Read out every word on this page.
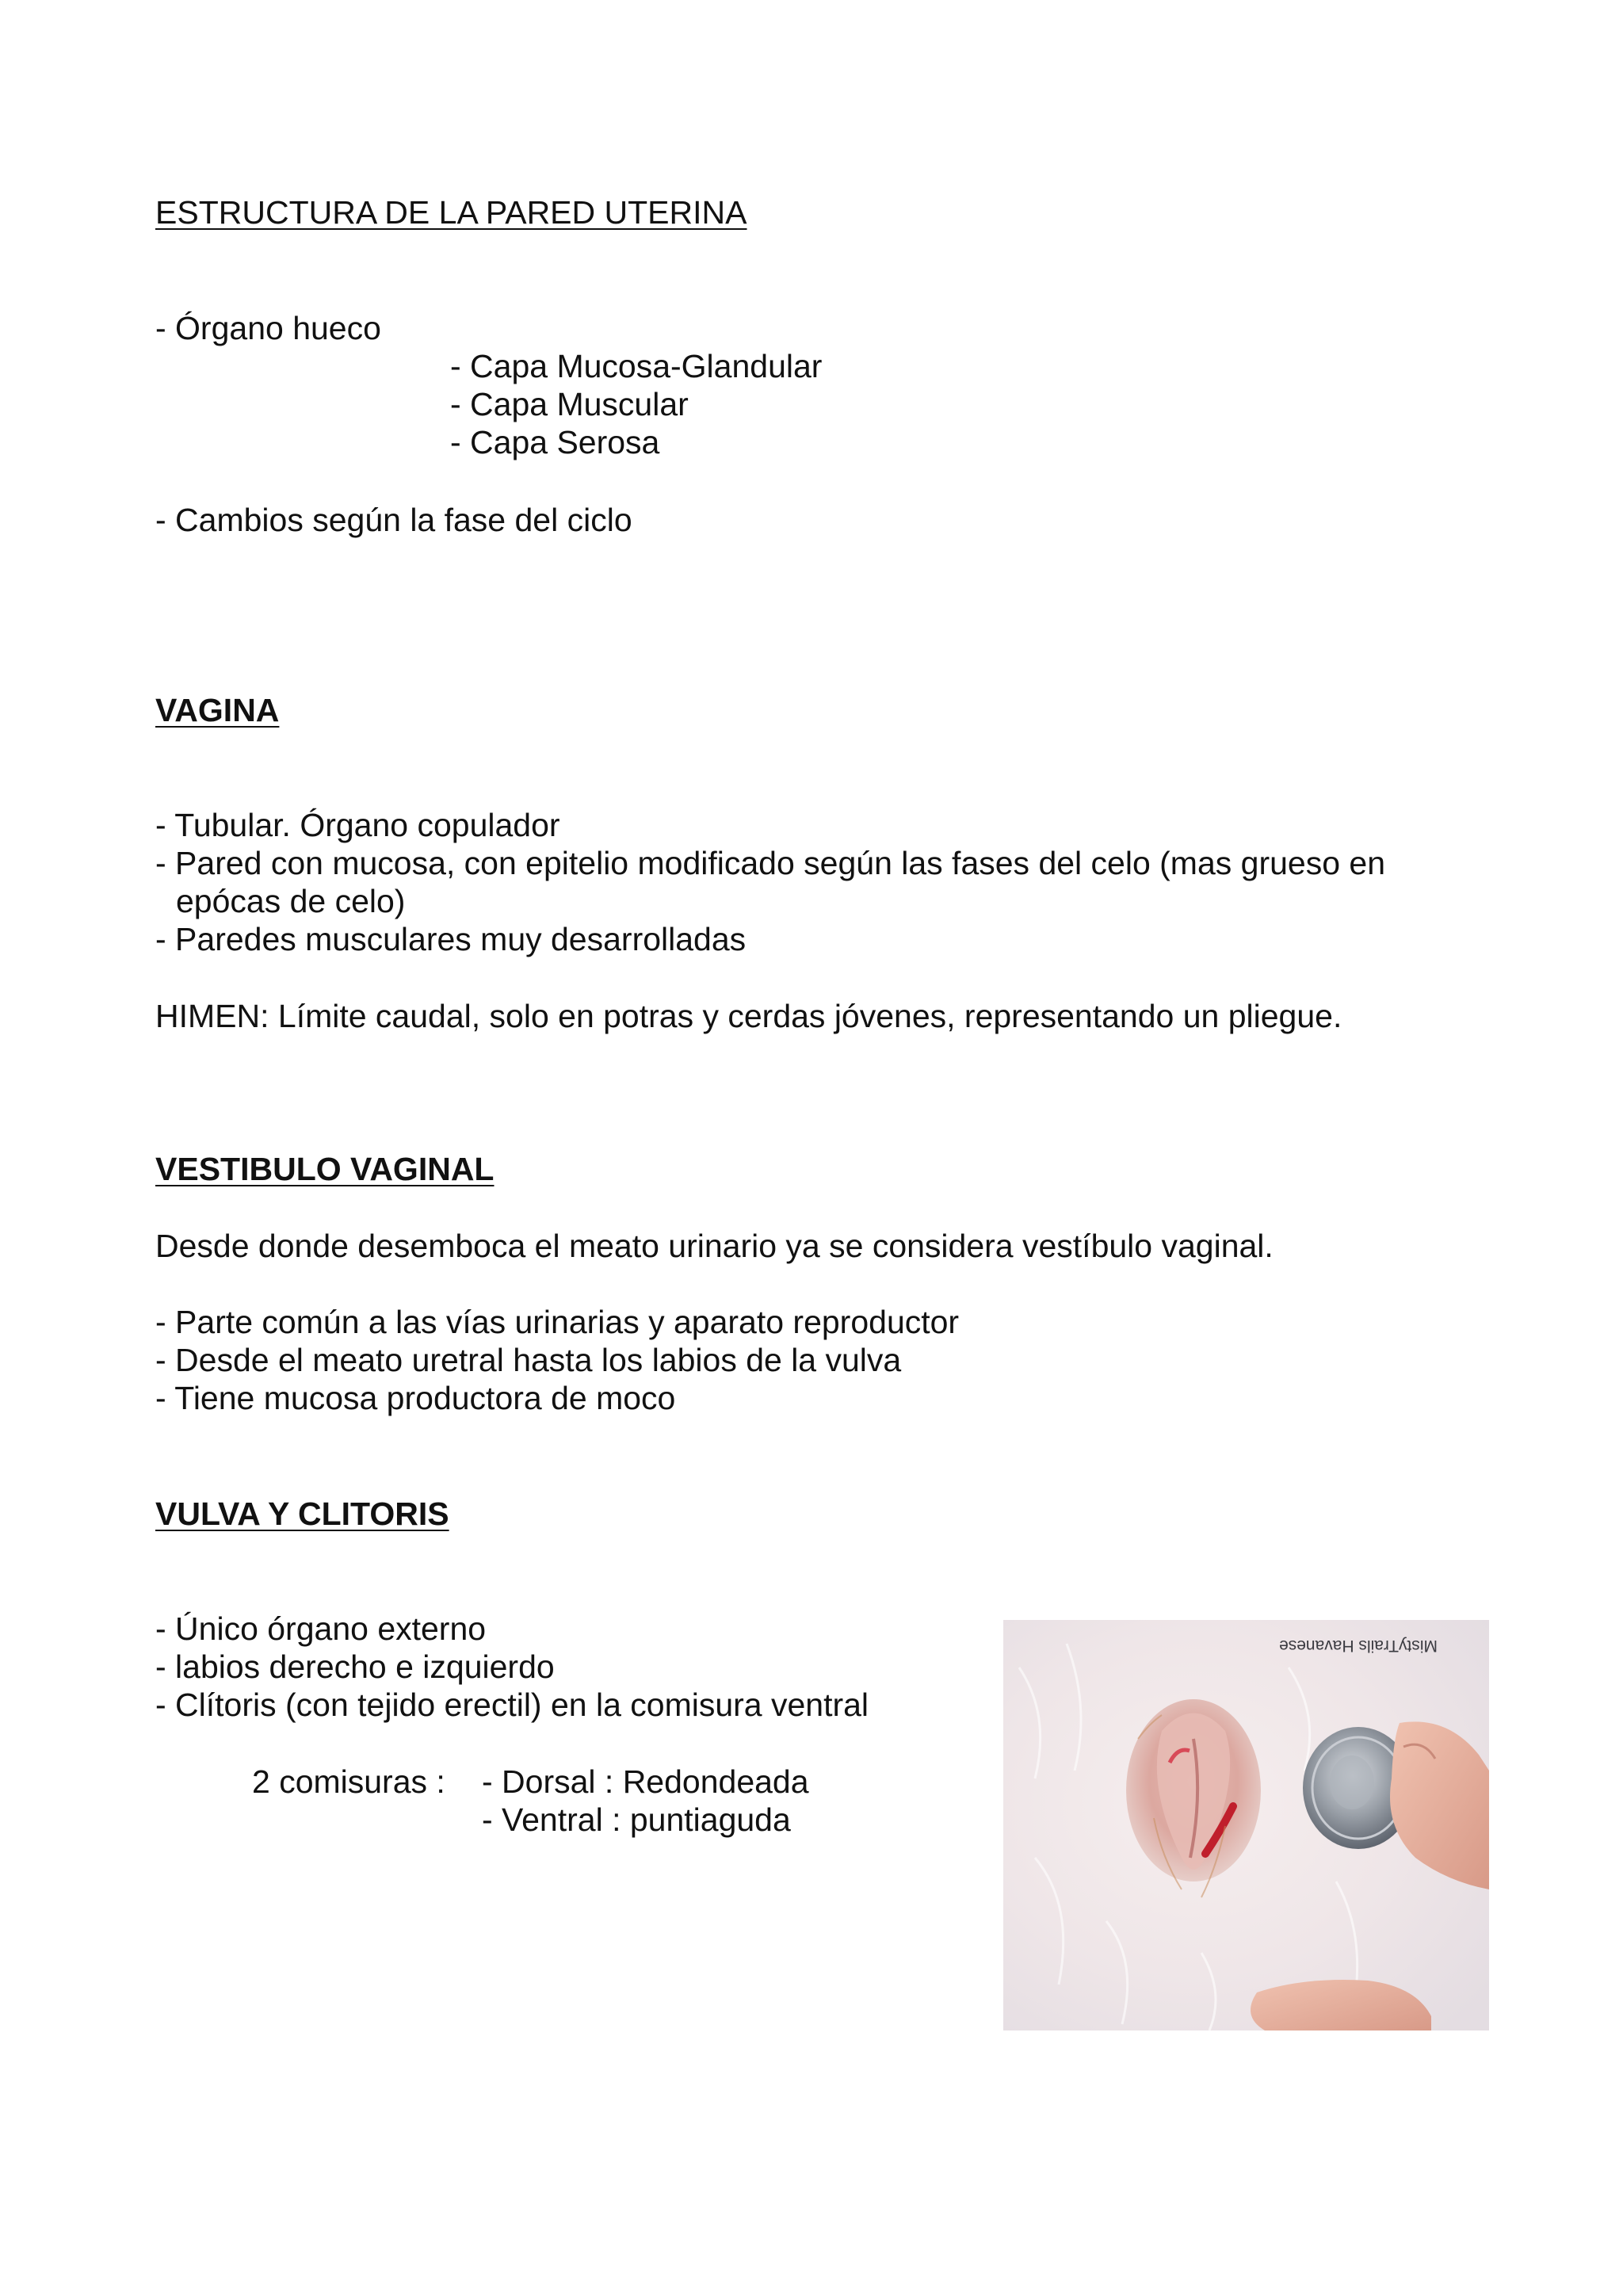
ESTRUCTURA DE LA PARED UTERINA
- Órgano hueco
- Capa Mucosa-Glandular
- Capa Muscular
- Capa Serosa
- Cambios según la fase del ciclo
VAGINA
- Tubular. Órgano copulador
- Pared con mucosa, con epitelio modificado según las fases del celo (mas grueso en
epócas de celo)
- Paredes musculares muy desarrolladas
HIMEN: Límite caudal, solo en potras y cerdas jóvenes, representando un pliegue.
VESTIBULO VAGINAL
Desde donde desemboca el meato urinario ya se considera vestíbulo vaginal.
- Parte común a las vías urinarias y aparato reproductor
- Desde el meato uretral hasta los labios de la vulva
- Tiene mucosa productora de moco
VULVA Y CLITORIS
- Único órgano externo
- labios derecho e izquierdo
- Clítoris (con tejido erectil) en la comisura ventral
2 comisuras : - Dorsal : Redondeada
- Ventral : puntiaguda
MistyTrails Havanese
